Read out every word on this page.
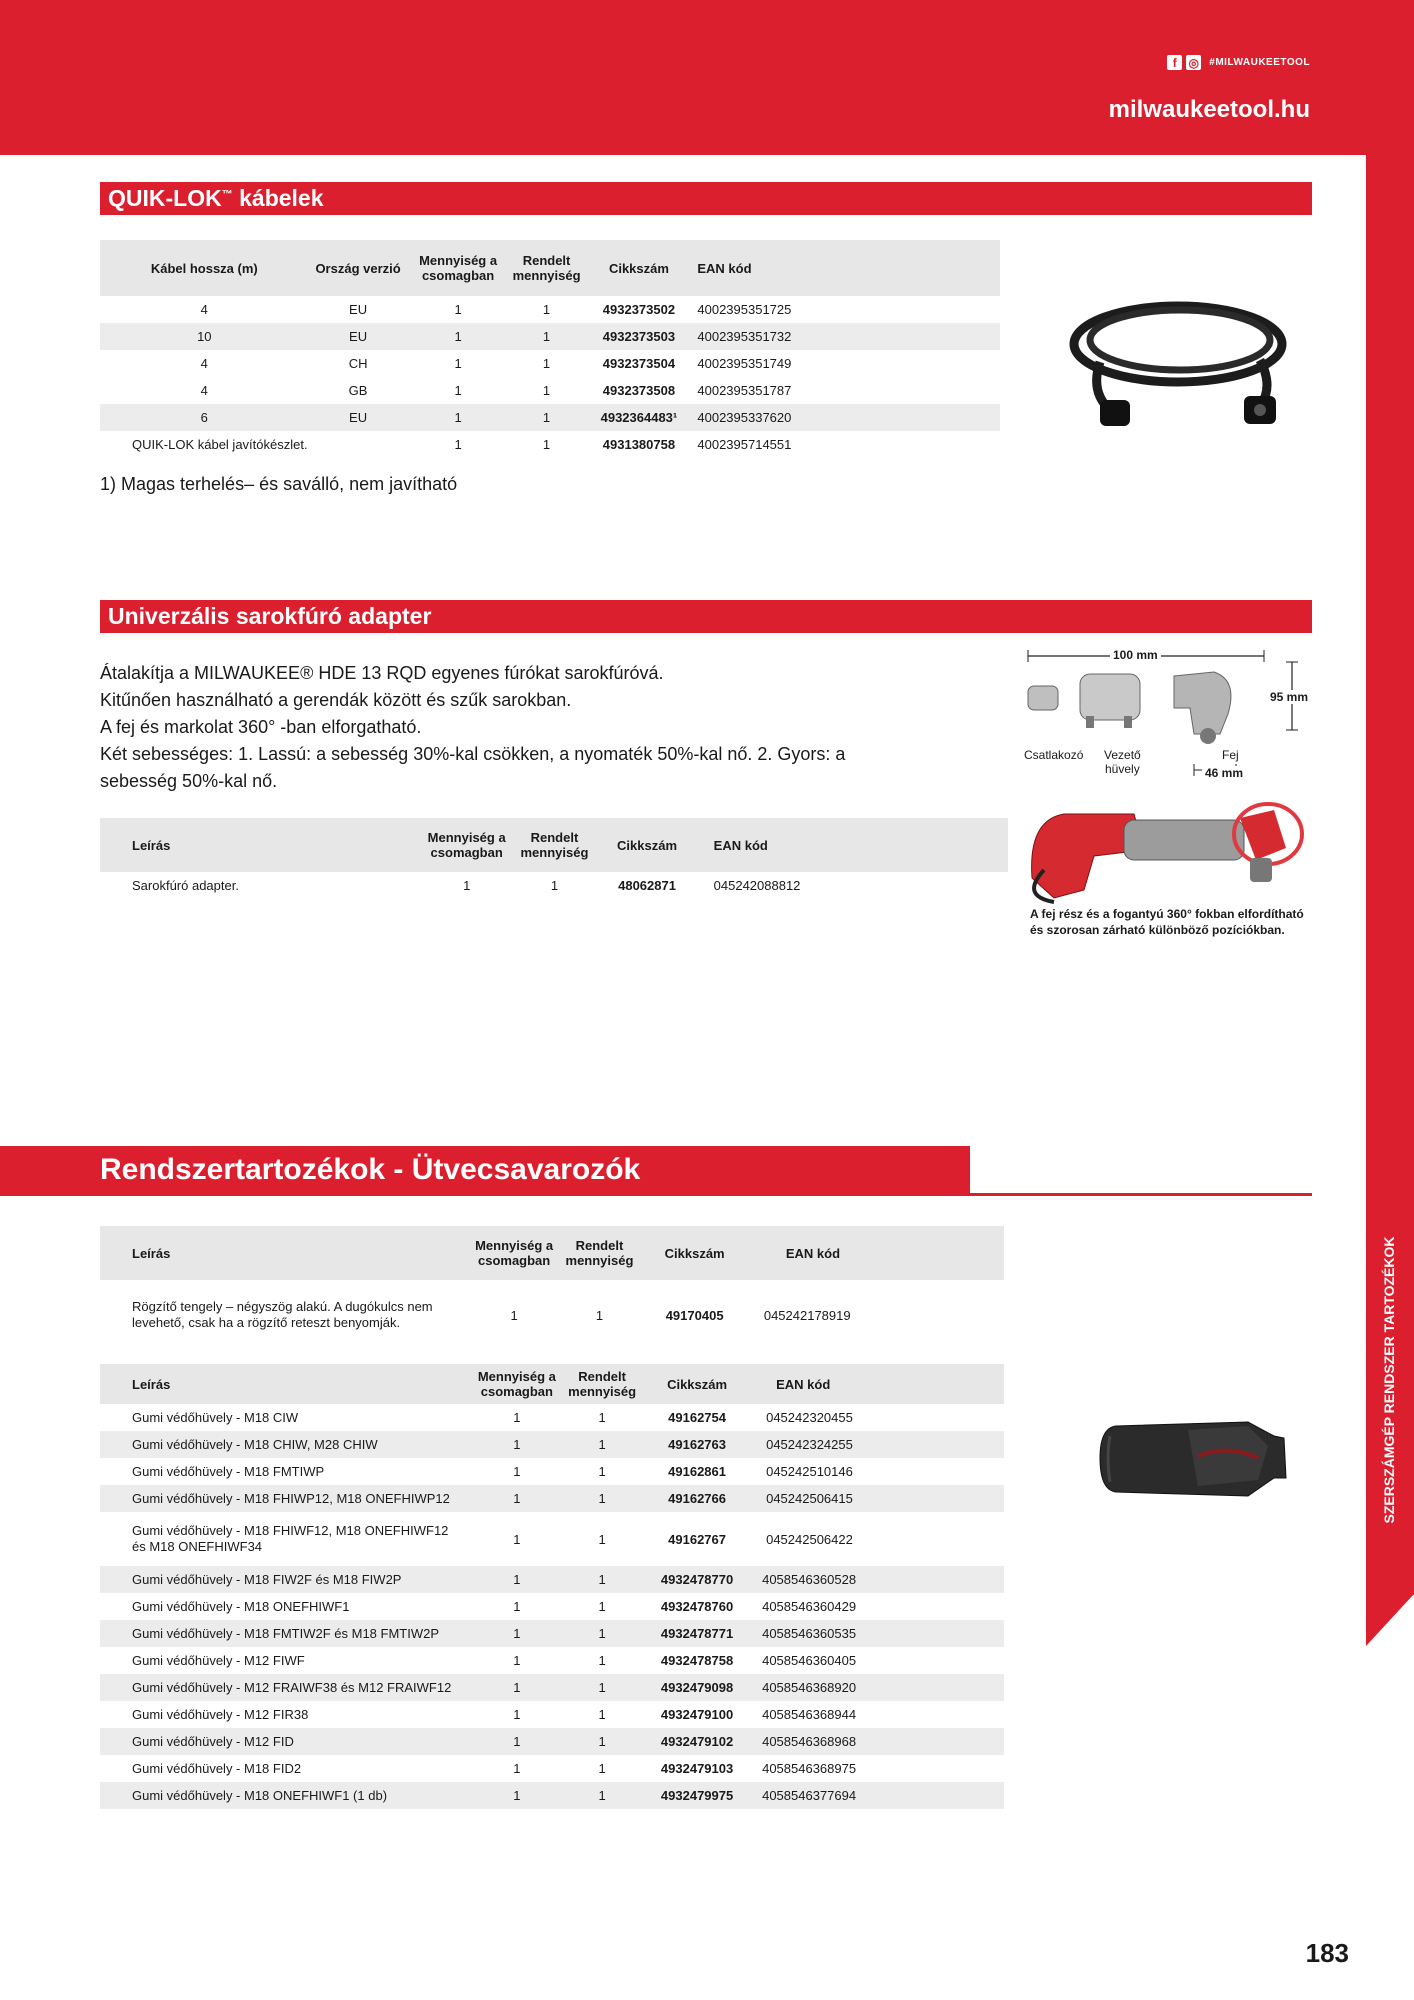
f ◎ #MILWAUKEETOOL
milwaukeetool.hu
SZERSZÁMGÉP RENDSZER TARTOZÉKOK
QUIK-LOK™ kábelek
Kábel hossza (m)	Ország verzió	Mennyiség a csomagban	Rendelt mennyiség	Cikkszám	EAN kód
4	EU	1	1	4932373502	4002395351725
10	EU	1	1	4932373503	4002395351732
4	CH	1	1	4932373504	4002395351749
4	GB	1	1	4932373508	4002395351787
6	EU	1	1	4932364483¹	4002395337620
QUIK-LOK kábel javítókészlet.		1	1	4931380758	4002395714551
1) Magas terhelés– és saválló, nem javítható
Univerzális sarokfúró adapter
Átalakítja a MILWAUKEE® HDE 13 RQD egyenes fúrókat sarokfúróvá.
Kitűnően használható a gerendák között és szűk sarokban.
A fej és markolat 360° -ban elforgatható.
Két sebességes: 1. Lassú: a sebesség 30%-kal csökken, a nyomaték 50%-kal nő. 2. Gyors: a
sebesség 50%-kal nő.
Leírás	Mennyiség a csomagban	Rendelt mennyiség	Cikkszám	EAN kód
Sarokfúró adapter.	1	1	48062871	045242088812
100 mm
95 mm
Csatlakozó Vezető
hüvely
Fej
46 mm
A fej rész és a fogantyú 360° fokban elfordítható
és szorosan zárható különböző pozíciókban.
Rendszertartozékok - Ütvecsavarozók
Leírás	Mennyiség a csomagban	Rendelt mennyiség	Cikkszám	EAN kód
Rögzítő tengely – négyszög alakú. A dugókulcs nem levehető, csak ha a rögzítő reteszt benyomják.	1	1	49170405	045242178919
Leírás	Mennyiség a csomagban	Rendelt mennyiség	Cikkszám	EAN kód
Gumi védőhüvely - M18 CIW	1	1	49162754	045242320455
Gumi védőhüvely - M18 CHIW, M28 CHIW	1	1	49162763	045242324255
Gumi védőhüvely - M18 FMTIWP	1	1	49162861	045242510146
Gumi védőhüvely - M18 FHIWP12, M18 ONEFHIWP12	1	1	49162766	045242506415
Gumi védőhüvely - M18 FHIWF12, M18 ONEFHIWF12 és M18 ONEFHIWF34	1	1	49162767	045242506422
Gumi védőhüvely - M18 FIW2F és M18 FIW2P	1	1	4932478770	4058546360528
Gumi védőhüvely - M18 ONEFHIWF1	1	1	4932478760	4058546360429
Gumi védőhüvely - M18 FMTIW2F és M18 FMTIW2P	1	1	4932478771	4058546360535
Gumi védőhüvely - M12 FIWF	1	1	4932478758	4058546360405
Gumi védőhüvely - M12 FRAIWF38 és M12 FRAIWF12	1	1	4932479098	4058546368920
Gumi védőhüvely - M12 FIR38	1	1	4932479100	4058546368944
Gumi védőhüvely - M12 FID	1	1	4932479102	4058546368968
Gumi védőhüvely - M18 FID2	1	1	4932479103	4058546368975
Gumi védőhüvely - M18 ONEFHIWF1 (1 db)	1	1	4932479975	4058546377694
183
